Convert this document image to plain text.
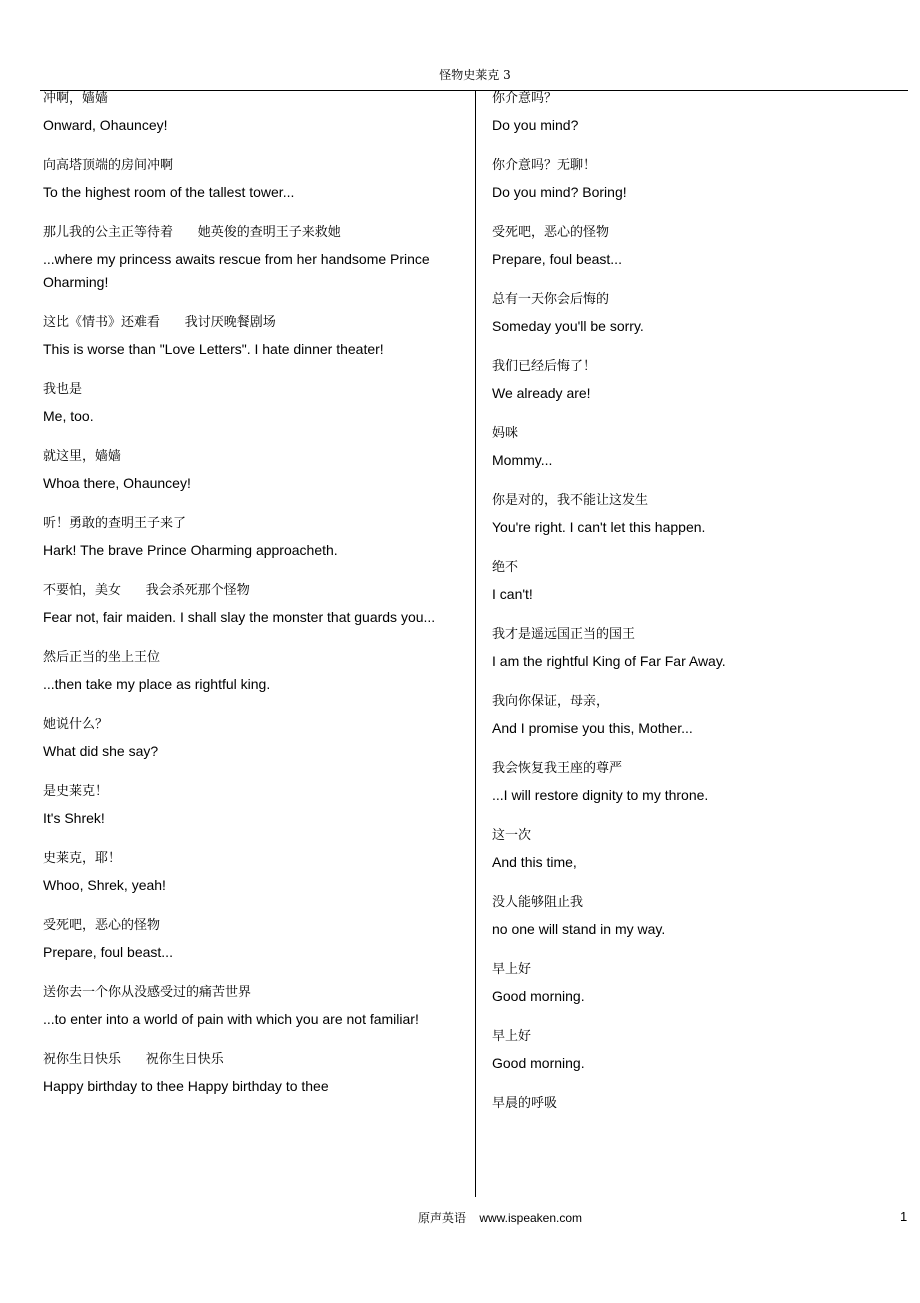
怪物史莱克 3
冲啊，嫱嫱
Onward, Ohauncey!
向高塔顶端的房间冲啊
To the highest room of the tallest tower...
那儿我的公主正等待着      她英俊的查明王子来救她
...where my princess awaits rescue from her handsome Prince Oharming!
这比《情书》还难看      我讨厌晚餐剧场
This is worse than "Love Letters". I hate dinner theater!
我也是
Me, too.
就这里，嫱嫱
Whoa there, Ohauncey!
听！勇敢的查明王子来了
Hark! The brave Prince Oharming approacheth.
不要怕，美女      我会杀死那个怪物
Fear not, fair maiden. I shall slay the monster that guards you...
然后正当的坐上王位
...then take my place as rightful king.
她说什么？
What did she say?
是史莱克！
It's Shrek!
史莱克，耶！
Whoo, Shrek, yeah!
受死吧，恶心的怪物
Prepare, foul beast...
送你去一个你从没感受过的痛苦世界
...to enter into a world of pain with which you are not familiar!
祝你生日快乐      祝你生日快乐
Happy birthday to thee Happy birthday to thee
你介意吗？
Do you mind?
你介意吗？无聊！
Do you mind? Boring!
受死吧，恶心的怪物
Prepare, foul beast...
总有一天你会后悔的
Someday you'll be sorry.
我们已经后悔了！
We already are!
妈咪
Mommy...
你是对的，我不能让这发生
You're right. I can't let this happen.
绝不
I can't!
我才是遥远国正当的国王
I am the rightful King of Far Far Away.
我向你保证，母亲，
And I promise you this, Mother...
我会恢复我王座的尊严
...I will restore dignity to my throne.
这一次
And this time,
没人能够阻止我
no one will stand in my way.
早上好
Good morning.
早上好
Good morning.
早晨的呼吸
原声英语 www.ispeaken.com	1
